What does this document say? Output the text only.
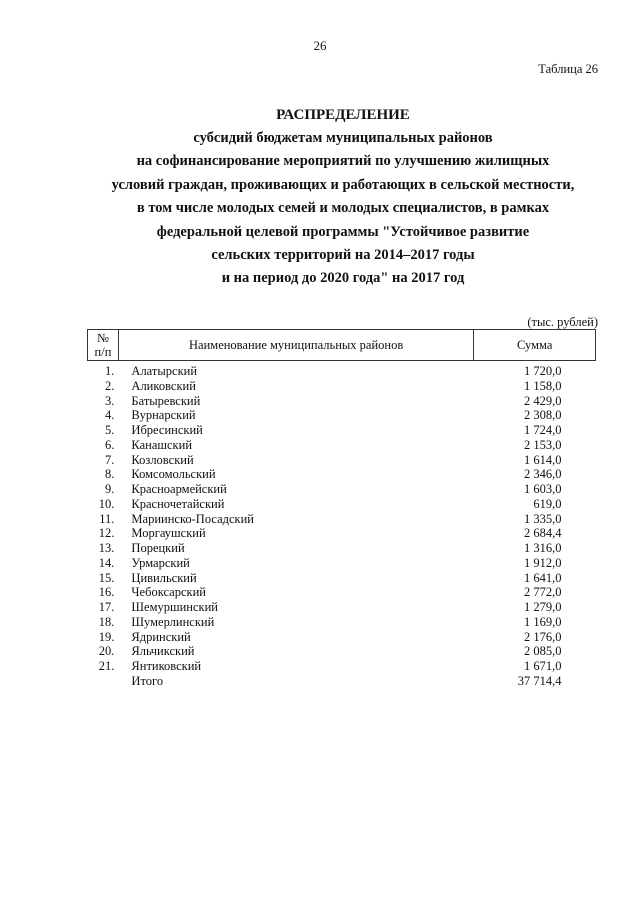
26
Таблица 26
РАСПРЕДЕЛЕНИЕ
субсидий бюджетам муниципальных районов
на софинансирование мероприятий по улучшению жилищных
условий граждан, проживающих и работающих в сельской местности,
в том числе молодых семей и молодых специалистов, в рамках
федеральной целевой программы "Устойчивое развитие
сельских территорий на 2014–2017 годы
и на период до 2020 года" на 2017 год
(тыс. рублей)
№
п/п	Наименование муниципальных районов	Сумма
1.	Алатырский	1 720,0
2.	Аликовский	1 158,0
3.	Батыревский	2 429,0
4.	Вурнарский	2 308,0
5.	Ибресинский	1 724,0
6.	Канашский	2 153,0
7.	Козловский	1 614,0
8.	Комсомольский	2 346,0
9.	Красноармейский	1 603,0
10.	Красночетайский	619,0
11.	Мариинско-Посадский	1 335,0
12.	Моргаушский	2 684,4
13.	Порецкий	1 316,0
14.	Урмарский	1 912,0
15.	Цивильский	1 641,0
16.	Чебоксарский	2 772,0
17.	Шемуршинский	1 279,0
18.	Шумерлинский	1 169,0
19.	Ядринский	2 176,0
20.	Яльчикский	2 085,0
21.	Янтиковский	1 671,0
	Итого	37 714,4
